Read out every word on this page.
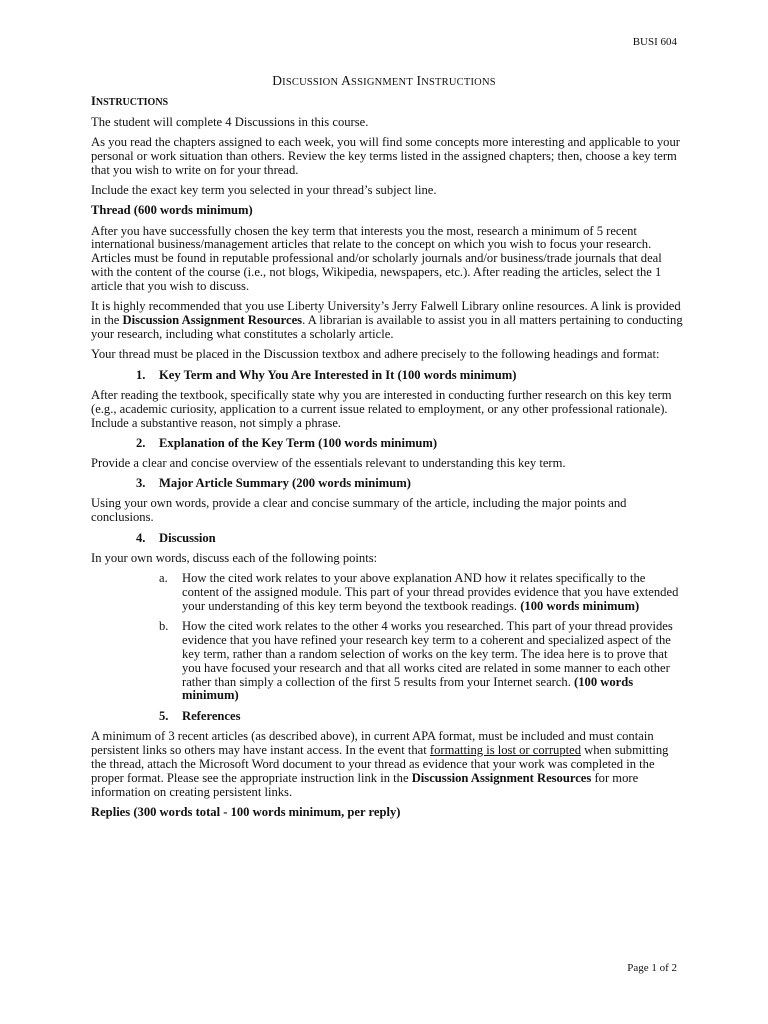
BUSI 604
DISCUSSION ASSIGNMENT INSTRUCTIONS
INSTRUCTIONS

The student will complete 4 Discussions in this course.

As you read the chapters assigned to each week, you will find some concepts more interesting and applicable to your personal or work situation than others. Review the key terms listed in the assigned chapters; then, choose a key term that you wish to write on for your thread.

Include the exact key term you selected in your thread’s subject line.

Thread (600 words minimum)

After you have successfully chosen the key term that interests you the most, research a minimum of 5 recent international business/management articles that relate to the concept on which you wish to focus your research. Articles must be found in reputable professional and/or scholarly journals and/or business/trade journals that deal with the content of the course (i.e., not blogs, Wikipedia, newspapers, etc.). After reading the articles, select the 1 article that you wish to discuss.

It is highly recommended that you use Liberty University’s Jerry Falwell Library online resources. A link is provided in the Discussion Assignment Resources. A librarian is available to assist you in all matters pertaining to conducting your research, including what constitutes a scholarly article.

Your thread must be placed in the Discussion textbox and adhere precisely to the following headings and format:

1.	Key Term and Why You Are Interested in It (100 words minimum)

After reading the textbook, specifically state why you are interested in conducting further research on this key term (e.g., academic curiosity, application to a current issue related to employment, or any other professional rationale). Include a substantive reason, not simply a phrase.

2.	Explanation of the Key Term (100 words minimum)

Provide a clear and concise overview of the essentials relevant to understanding this key term.

3.	Major Article Summary (200 words minimum)

Using your own words, provide a clear and concise summary of the article, including the major points and conclusions.

4.	Discussion

In your own words, discuss each of the following points:

a.	How the cited work relates to your above explanation AND how it relates specifically to the content of the assigned module. This part of your thread provides evidence that you have extended your understanding of this key term beyond the textbook readings. (100 words minimum)
b.	How the cited work relates to the other 4 works you researched. This part of your thread provides evidence that you have refined your research key term to a coherent and specialized aspect of the key term, rather than a random selection of works on the key term. The idea here is to prove that you have focused your research and that all works cited are related in some manner to each other rather than simply a collection of the first 5 results from your Internet search. (100 words minimum)
5.	References

A minimum of 3 recent articles (as described above), in current APA format, must be included and must contain persistent links so others may have instant access. In the event that formatting is lost or corrupted when submitting the thread, attach the Microsoft Word document to your thread as evidence that your work was completed in the proper format. Please see the appropriate instruction link in the Discussion Assignment Resources for more information on creating persistent links.

Replies (300 words total - 100 words minimum, per reply)

Page 1 of 2
